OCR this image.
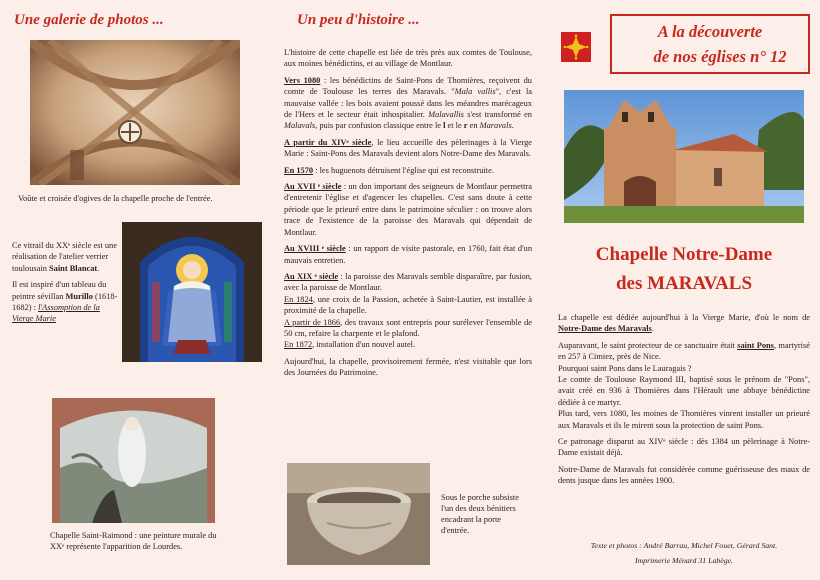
Une galerie de photos ...
Voûte et croisée d'ogives de la chapelle proche de l'entrée.
Ce vitrail du XXᵉ siècle est une réalisation de l'atelier verrier toulousain Saint Blancat.
Il est inspiré d'un tableau du peintre sévillan Murillo (1618-1682) : l'Assomption de la Vierge Marie
Chapelle Saint-Raimond : une peinture murale du XXᵉ représente l'apparition de Lourdes.
Un peu d'histoire ...

L'histoire de cette chapelle est liée de très près aux comtes de Toulouse, aux moines bénédictins, et au village de Montlaur.

Vers 1080 : les bénédictins de Saint-Pons de Thomières, reçoivent du comte de Toulouse les terres des Maravals. "Mala vallis", c'est la mauvaise vallée : les bois avaient poussé dans les méandres marécageux de l'Hers et le secteur était inhospitalier. Malavallis s'est transformé en Malavals, puis par confusion classique entre le l et le r en Maravals.

A partir du XIVᵉ siècle, le lieu accueille des pèlerinages à la Vierge Marie : Saint-Pons des Maravals devient alors Notre-Dame des Maravals.

En 1570 : les huguenots détruisent l'église qui est reconstruite.

Au XVII ᵉ siècle : un don important des seigneurs de Montlaur permettra d'entretenir l'église et d'agencer les chapelles. C'est sans doute à cette période que le prieuré entre dans le patrimoine séculier : on trouve alors trace de l'existence de la paroisse des Maravals qui dépendait de Montlaur.

Au XVIII ᵉ siècle : un rapport de visite pastorale, en 1760, fait état d'un mauvais entretien.

Au XIX ᵉ siècle : la paroisse des Maravals semble disparaître, par fusion, avec la paroisse de Montlaur.

En 1824, une croix de la Passion, achetée à Saint-Lautier, est installée à proximité de la chapelle.

A partir de 1866, des travaux sont entrepris pour surélever l'ensemble de 50 cm, refaire la charpente et le plafond.

En 1872, installation d'un nouvel autel.

Aujourd'hui, la chapelle, provisoirement fermée, n'est visitable que lors des Journées du Patrimoine.

Sous le porche subsiste l'un des deux bénitiers encadrant la porte d'entrée.
A la découverte
de nos églises n° 12
Chapelle Notre-Dame
des MARAVALS

La chapelle est dédiée aujourd'hui à la Vierge Marie, d'où le nom de Notre-Dame des Maravals.

Auparavant, le saint protecteur de ce sanctuaire était saint Pons, martyrisé en 257 à Cimiez, près de Nice.
Pourquoi saint Pons dans le Lauragais ?
Le comte de Toulouse Raymond III, baptisé sous le prénom de "Pons", avait créé en 936 à Thomières dans l'Hérault une abbaye bénédictine dédiée à ce martyr.
Plus tard, vers 1080, les moines de Thomières vinrent installer un prieuré aux Maravals et ils le mirent sous la protection de saint Pons.

Ce patronage disparut au XIVᵉ siècle : dès 1384 un pèlerinage à Notre-Dame existait déjà.

Notre-Dame de Maravals fut considérée comme guérisseuse des maux de dents jusque dans les années 1900.

Texte et photos : André Barrau, Michel Fouet, Gérard Sant.
Imprimerie Ménard 31 Labège.
